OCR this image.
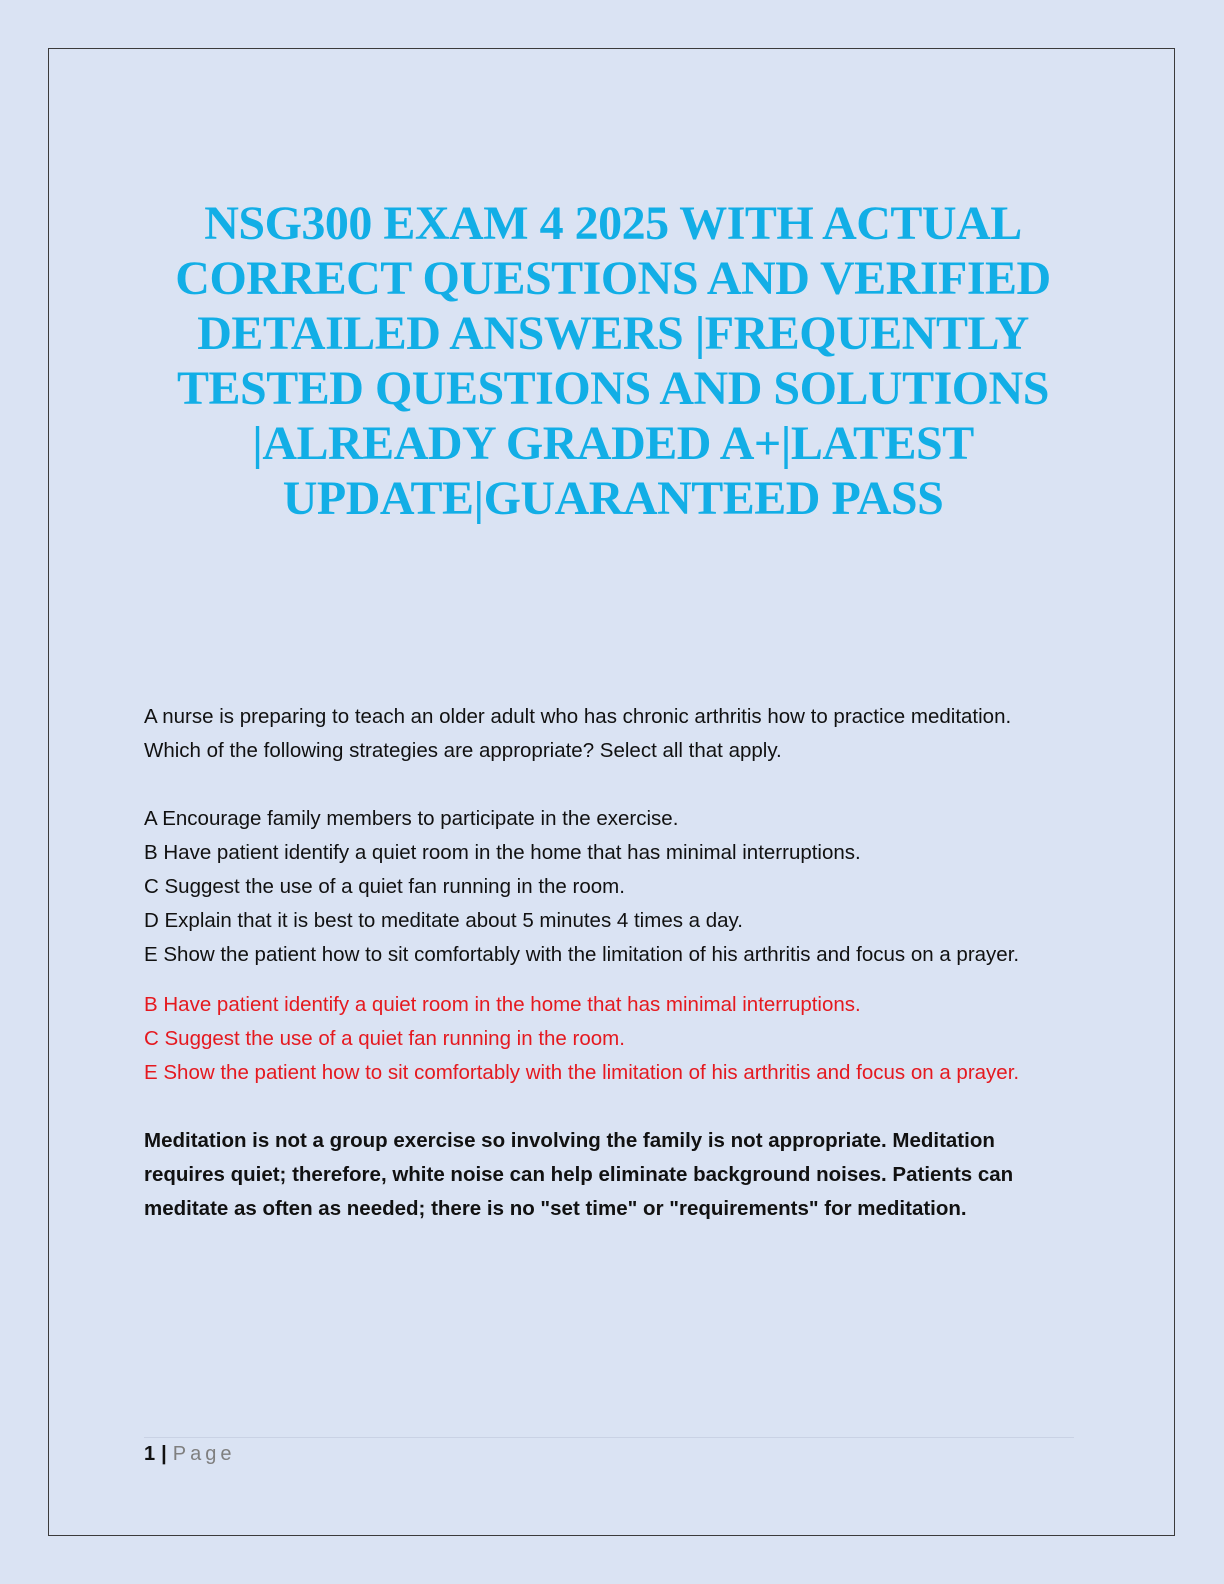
NSG300 EXAM 4 2025 WITH ACTUAL CORRECT QUESTIONS AND VERIFIED DETAILED ANSWERS |FREQUENTLY TESTED QUESTIONS AND SOLUTIONS |ALREADY GRADED A+|LATEST UPDATE|GUARANTEED PASS

A nurse is preparing to teach an older adult who has chronic arthritis how to practice meditation. Which of the following strategies are appropriate? Select all that apply.

A Encourage family members to participate in the exercise.

B Have patient identify a quiet room in the home that has minimal interruptions.

C Suggest the use of a quiet fan running in the room.

D Explain that it is best to meditate about 5 minutes 4 times a day.

E Show the patient how to sit comfortably with the limitation of his arthritis and focus on a prayer.

B Have patient identify a quiet room in the home that has minimal interruptions.

C Suggest the use of a quiet fan running in the room.

E Show the patient how to sit comfortably with the limitation of his arthritis and focus on a prayer.

Meditation is not a group exercise so involving the family is not appropriate. Meditation requires quiet; therefore, white noise can help eliminate background noises. Patients can meditate as often as needed; there is no "set time" or "requirements" for meditation.

1 | Page
